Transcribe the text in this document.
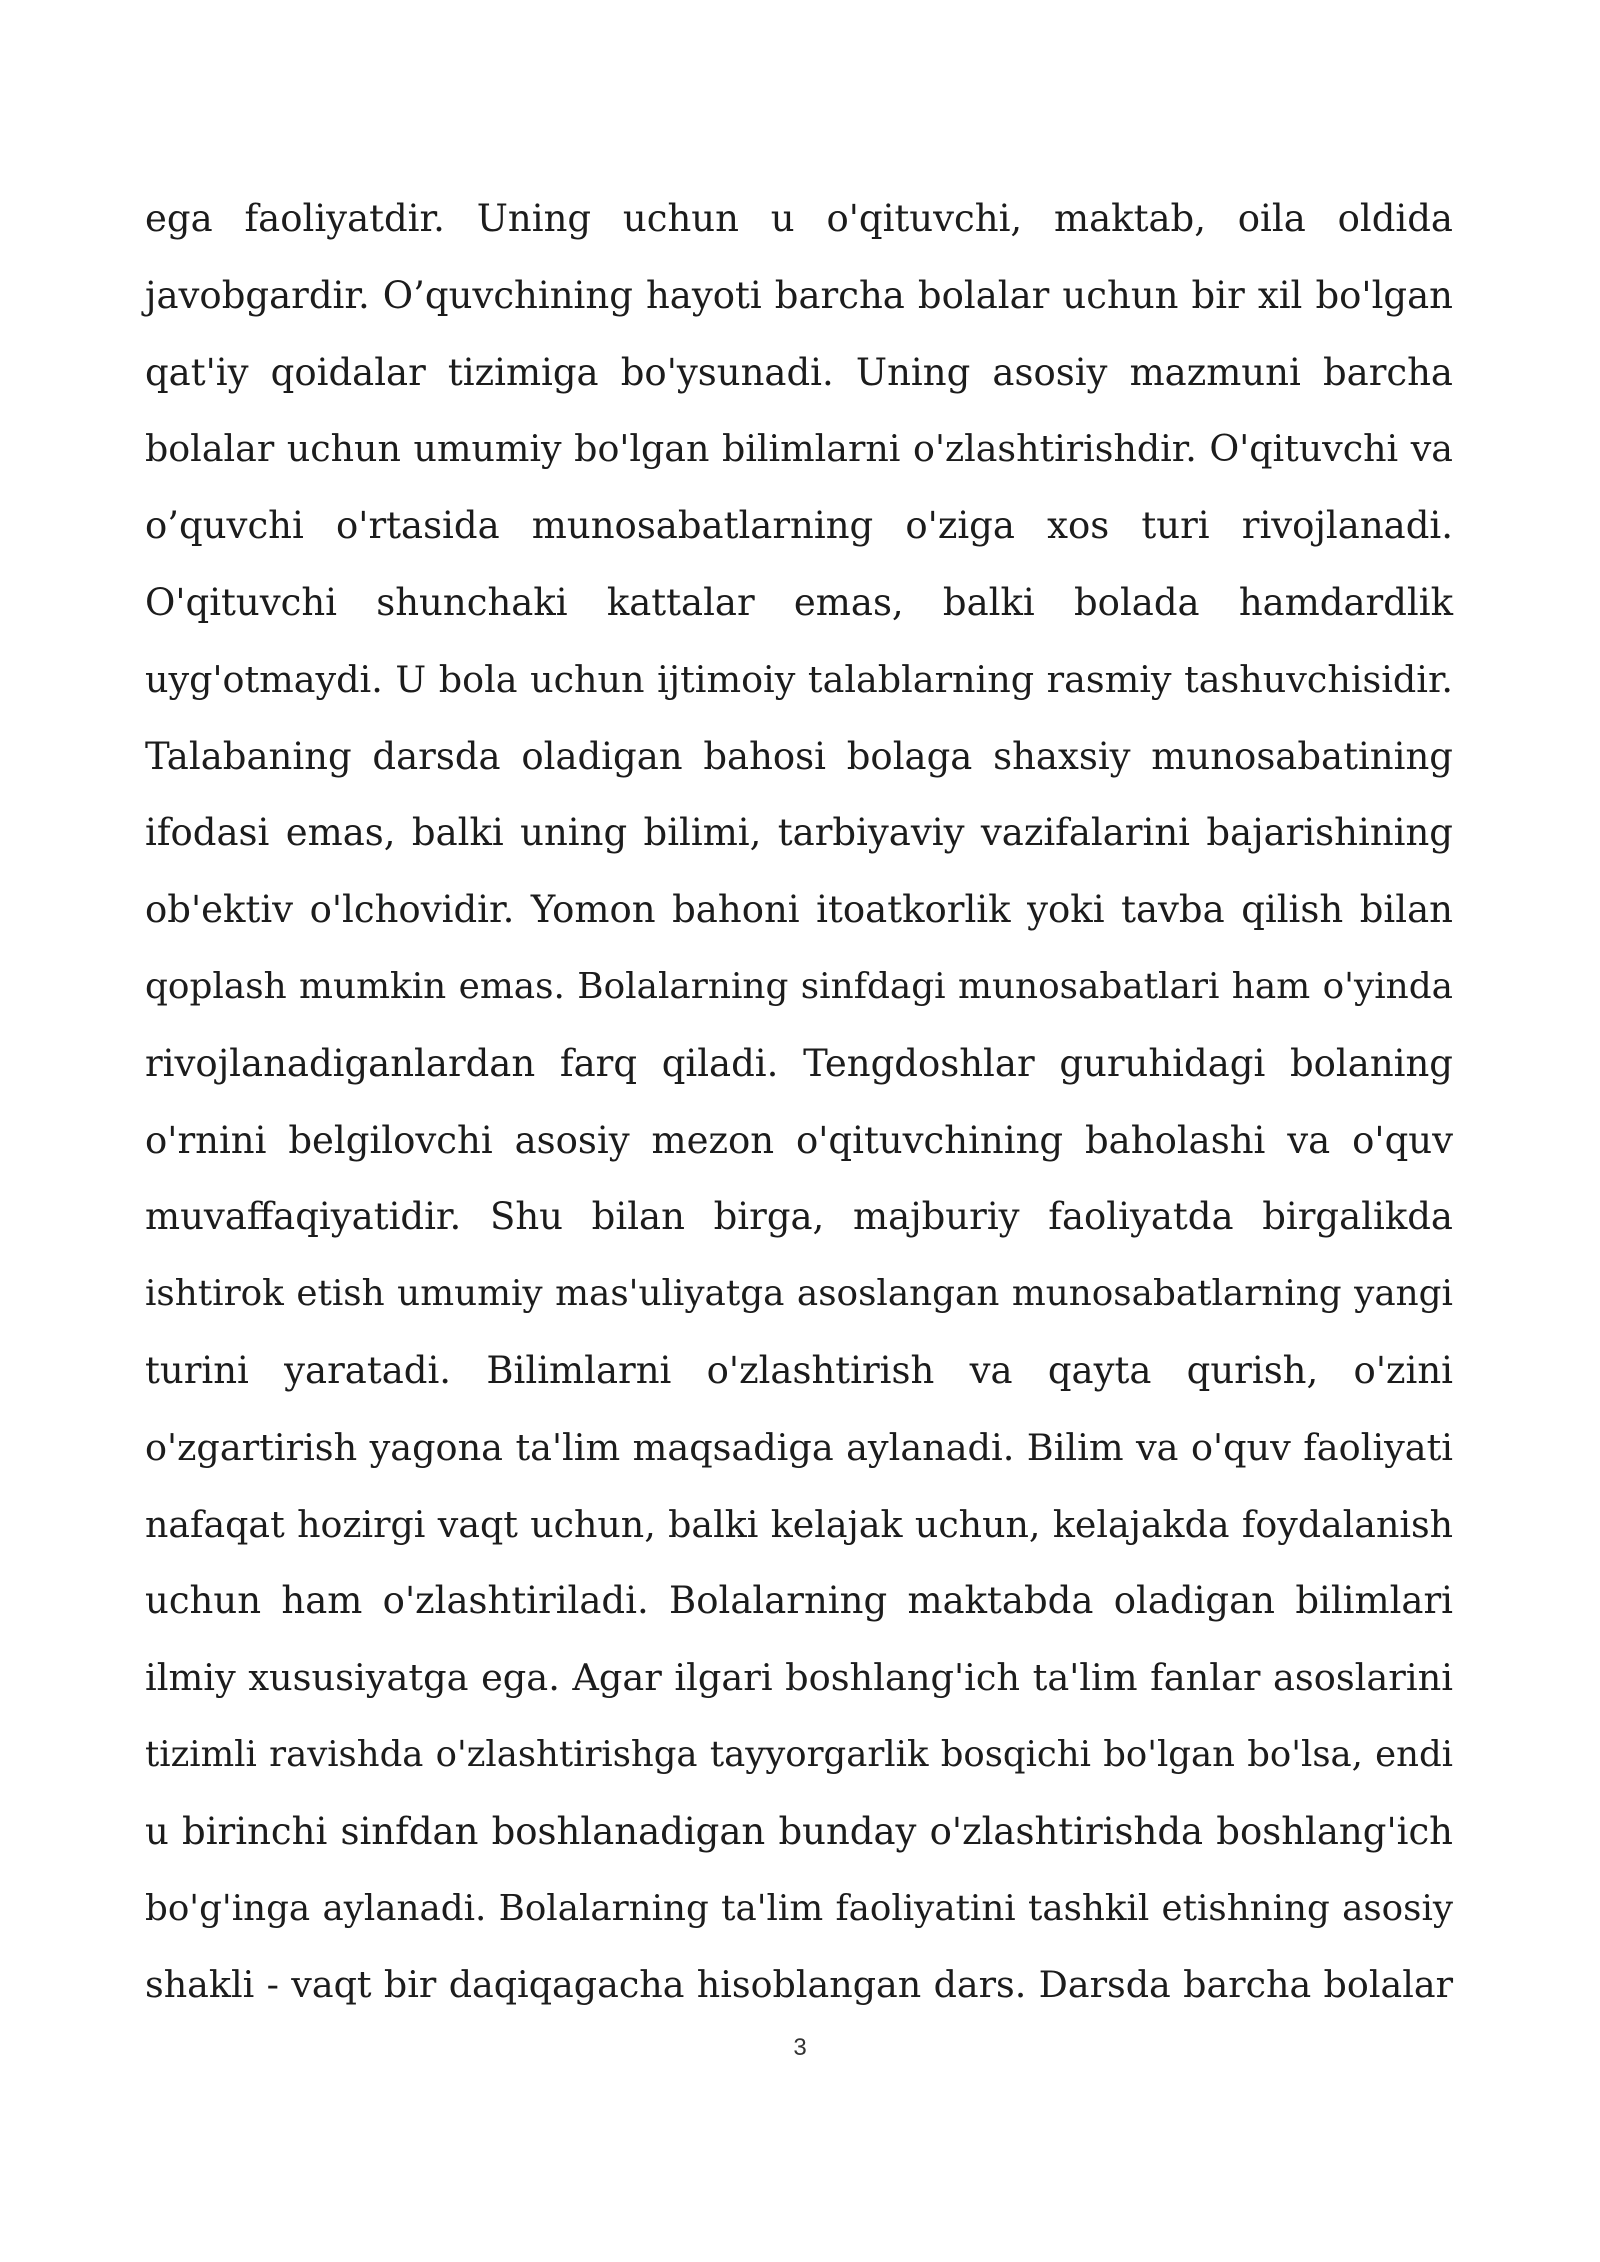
ega faoliyatdir. Uning uchun u o'qituvchi, maktab, oila oldida
javobgardir. O’quvchining hayoti barcha bolalar uchun bir xil bo'lgan
qat'iy qoidalar tizimiga bo'ysunadi. Uning asosiy mazmuni barcha
bolalar uchun umumiy bo'lgan bilimlarni o'zlashtirishdir. O'qituvchi va
o’quvchi o'rtasida munosabatlarning o'ziga xos turi rivojlanadi.
O'qituvchi shunchaki kattalar emas, balki bolada hamdardlik
uyg'otmaydi. U bola uchun ijtimoiy talablarning rasmiy tashuvchisidir.
Talabaning darsda oladigan bahosi bolaga shaxsiy munosabatining
ifodasi emas, balki uning bilimi, tarbiyaviy vazifalarini bajarishining
ob'ektiv o'lchovidir. Yomon bahoni itoatkorlik yoki tavba qilish bilan
qoplash mumkin emas. Bolalarning sinfdagi munosabatlari ham o'yinda
rivojlanadiganlardan farq qiladi. Tengdoshlar guruhidagi bolaning
o'rnini belgilovchi asosiy mezon o'qituvchining baholashi va o'quv
muvaffaqiyatidir. Shu bilan birga, majburiy faoliyatda birgalikda
ishtirok etish umumiy mas'uliyatga asoslangan munosabatlarning yangi
turini yaratadi. Bilimlarni o'zlashtirish va qayta qurish, o'zini
o'zgartirish yagona ta'lim maqsadiga aylanadi. Bilim va o'quv faoliyati
nafaqat hozirgi vaqt uchun, balki kelajak uchun, kelajakda foydalanish
uchun ham o'zlashtiriladi. Bolalarning maktabda oladigan bilimlari
ilmiy xususiyatga ega. Agar ilgari boshlang'ich ta'lim fanlar asoslarini
tizimli ravishda o'zlashtirishga tayyorgarlik bosqichi bo'lgan bo'lsa, endi
u birinchi sinfdan boshlanadigan bunday o'zlashtirishda boshlang'ich
bo'g'inga aylanadi. Bolalarning ta'lim faoliyatini tashkil etishning asosiy
shakli - vaqt bir daqiqagacha hisoblangan dars. Darsda barcha bolalar
3
